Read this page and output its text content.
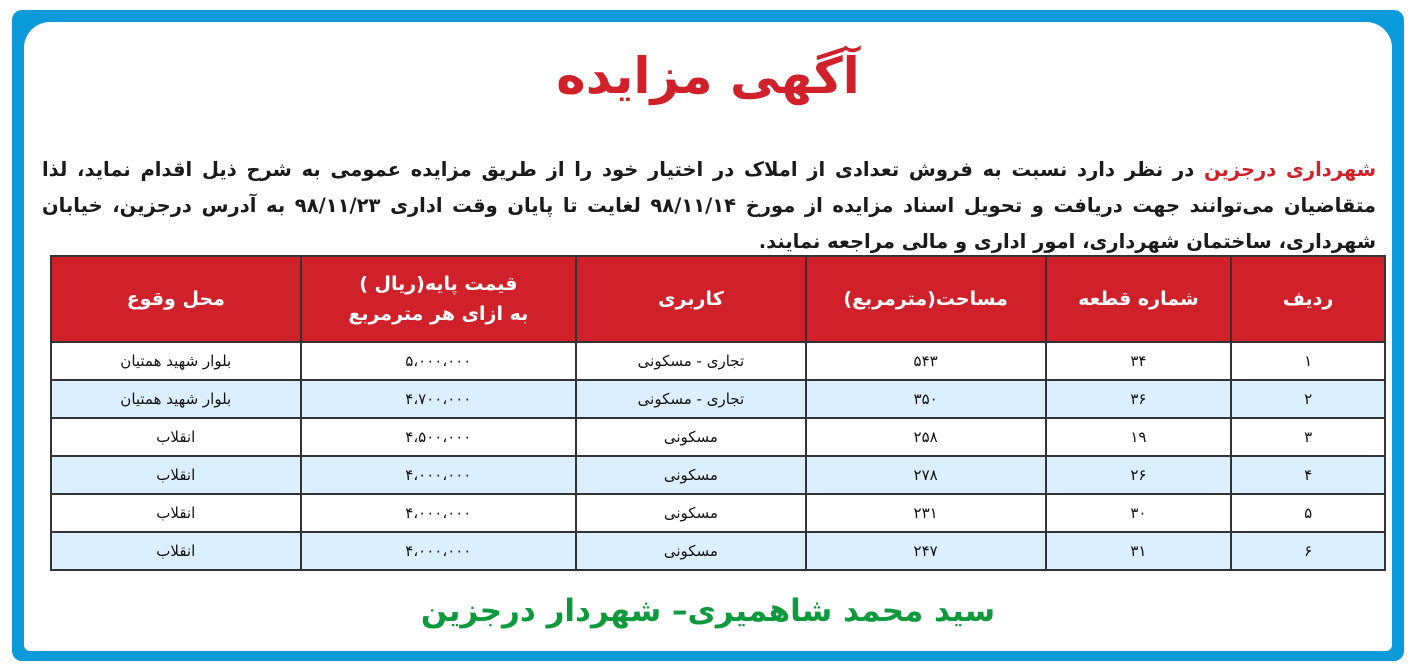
آگهی مزایده

شهرداری درجزین در نظر دارد نسبت به فروش تعدادی از املاک در اختیار خود را از طریق مزایده عمومی به شرح ذیل اقدام نماید، لذا متقاضیان می‌توانند جهت دریافت و تحویل اسناد مزایده از مورخ ۹۸/۱۱/۱۴ لغایت تا پایان وقت اداری ۹۸/۱۱/۲۳ به آدرس درجزین، خیابان شهرداری، ساختمان شهرداری، امور اداری و مالی مراجعه نمایند.

ردیف	شماره قطعه	مساحت(مترمربع)	کاربری	قیمت پایه(ریال )
به ازای هر مترمربع	محل وقوع
۱	۳۴	۵۴۳	تجاری - مسکونی	۵،۰۰۰،۰۰۰	بلوار شهید همتیان
۲	۳۶	۳۵۰	تجاری - مسکونی	۴،۷۰۰،۰۰۰	بلوار شهید همتیان
۳	۱۹	۲۵۸	مسکونی	۴،۵۰۰،۰۰۰	انقلاب
۴	۲۶	۲۷۸	مسکونی	۴،۰۰۰،۰۰۰	انقلاب
۵	۳۰	۲۳۱	مسکونی	۴،۰۰۰،۰۰۰	انقلاب
۶	۳۱	۲۴۷	مسکونی	۴،۰۰۰،۰۰۰	انقلاب

سید محمد شاهمیری– شهردار درجزین
